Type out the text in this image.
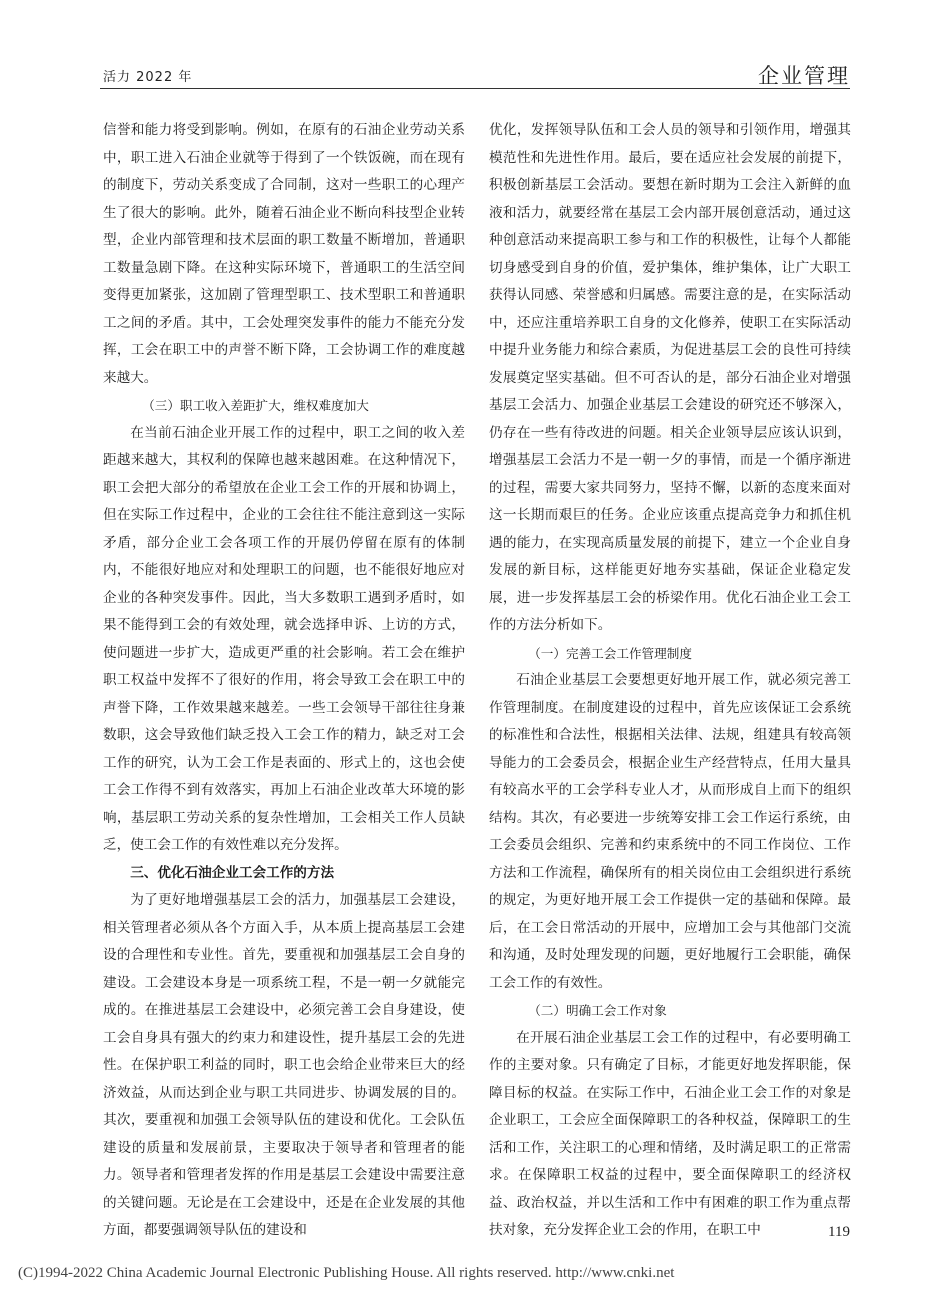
活力 2022 年	企业管理

信誉和能力将受到影响。例如，在原有的石油企业劳动关系中，职工进入石油企业就等于得到了一个铁饭碗，而在现有的制度下，劳动关系变成了合同制，这对一些职工的心理产生了很大的影响。此外，随着石油企业不断向科技型企业转型，企业内部管理和技术层面的职工数量不断增加，普通职工数量急剧下降。在这种实际环境下，普通职工的生活空间变得更加紧张，这加剧了管理型职工、技术型职工和普通职工之间的矛盾。其中，工会处理突发事件的能力不能充分发挥，工会在职工中的声誉不断下降，工会协调工作的难度越来越大。

（三）职工收入差距扩大，维权难度加大

在当前石油企业开展工作的过程中，职工之间的收入差距越来越大，其权利的保障也越来越困难。在这种情况下，职工会把大部分的希望放在企业工会工作的开展和协调上，但在实际工作过程中，企业的工会往往不能注意到这一实际矛盾，部分企业工会各项工作的开展仍停留在原有的体制内，不能很好地应对和处理职工的问题，也不能很好地应对企业的各种突发事件。因此，当大多数职工遇到矛盾时，如果不能得到工会的有效处理，就会选择申诉、上访的方式，使问题进一步扩大，造成更严重的社会影响。若工会在维护职工权益中发挥不了很好的作用，将会导致工会在职工中的声誉下降，工作效果越来越差。一些工会领导干部往往身兼数职，这会导致他们缺乏投入工会工作的精力，缺乏对工会工作的研究，认为工会工作是表面的、形式上的，这也会使工会工作得不到有效落实，再加上石油企业改革大环境的影响，基层职工劳动关系的复杂性增加，工会相关工作人员缺乏，使工会工作的有效性难以充分发挥。

三、优化石油企业工会工作的方法

为了更好地增强基层工会的活力，加强基层工会建设，相关管理者必须从各个方面入手，从本质上提高基层工会建设的合理性和专业性。首先，要重视和加强基层工会自身的建设。工会建设本身是一项系统工程，不是一朝一夕就能完成的。在推进基层工会建设中，必须完善工会自身建设，使工会自身具有强大的约束力和建设性，提升基层工会的先进性。在保护职工利益的同时，职工也会给企业带来巨大的经济效益，从而达到企业与职工共同进步、协调发展的目的。其次，要重视和加强工会领导队伍的建设和优化。工会队伍建设的质量和发展前景，主要取决于领导者和管理者的能力。领导者和管理者发挥的作用是基层工会建设中需要注意的关键问题。无论是在工会建设中，还是在企业发展的其他方面，都要强调领导队伍的建设和

优化，发挥领导队伍和工会人员的领导和引领作用，增强其模范性和先进性作用。最后，要在适应社会发展的前提下，积极创新基层工会活动。要想在新时期为工会注入新鲜的血液和活力，就要经常在基层工会内部开展创意活动，通过这种创意活动来提高职工参与和工作的积极性，让每个人都能切身感受到自身的价值，爱护集体，维护集体，让广大职工获得认同感、荣誉感和归属感。需要注意的是，在实际活动中，还应注重培养职工自身的文化修养，使职工在实际活动中提升业务能力和综合素质，为促进基层工会的良性可持续发展奠定坚实基础。但不可否认的是，部分石油企业对增强基层工会活力、加强企业基层工会建设的研究还不够深入，仍存在一些有待改进的问题。相关企业领导层应该认识到，增强基层工会活力不是一朝一夕的事情，而是一个循序渐进的过程，需要大家共同努力，坚持不懈，以新的态度来面对这一长期而艰巨的任务。企业应该重点提高竞争力和抓住机遇的能力，在实现高质量发展的前提下，建立一个企业自身发展的新目标，这样能更好地夯实基础，保证企业稳定发展，进一步发挥基层工会的桥梁作用。优化石油企业工会工作的方法分析如下。

（一）完善工会工作管理制度

石油企业基层工会要想更好地开展工作，就必须完善工作管理制度。在制度建设的过程中，首先应该保证工会系统的标准性和合法性，根据相关法律、法规，组建具有较高领导能力的工会委员会，根据企业生产经营特点，任用大量具有较高水平的工会学科专业人才，从而形成自上而下的组织结构。其次，有必要进一步统筹安排工会工作运行系统，由工会委员会组织、完善和约束系统中的不同工作岗位、工作方法和工作流程，确保所有的相关岗位由工会组织进行系统的规定，为更好地开展工会工作提供一定的基础和保障。最后，在工会日常活动的开展中，应增加工会与其他部门交流和沟通，及时处理发现的问题，更好地履行工会职能，确保工会工作的有效性。

（二）明确工会工作对象

在开展石油企业基层工会工作的过程中，有必要明确工作的主要对象。只有确定了目标，才能更好地发挥职能，保障目标的权益。在实际工作中，石油企业工会工作的对象是企业职工，工会应全面保障职工的各种权益，保障职工的生活和工作，关注职工的心理和情绪，及时满足职工的正常需求。在保障职工权益的过程中，要全面保障职工的经济权益、政治权益，并以生活和工作中有困难的职工作为重点帮扶对象，充分发挥企业工会的作用，在职工中	119
(C)1994-2022 China Academic Journal Electronic Publishing House. All rights reserved. http://www.cnki.net
